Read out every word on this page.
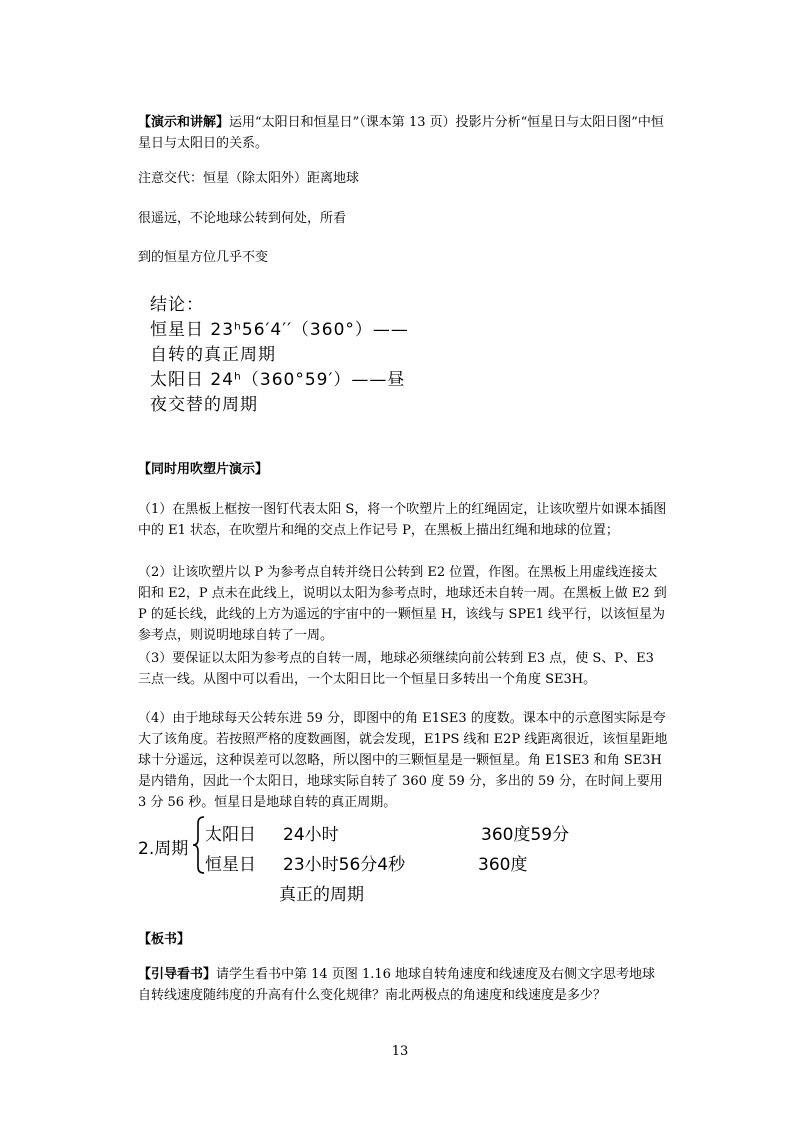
【演示和讲解】运用“太阳日和恒星日”（课本第 13 页）投影片分析“恒星日与太阳日图”中恒星日与太阳日的关系。

注意交代：恒星（除太阳外）距离地球

很遥远，不论地球公转到何处，所看

到的恒星方位几乎不变

结论：
恒星日 23ʰ56′4′′（360°）——
自转的真正周期
太阳日 24ʰ（360°59′）——昼
夜交替的周期

【同时用吹塑片演示】

（1）在黑板上框按一图钉代表太阳 S，将一个吹塑片上的红绳固定，让该吹塑片如课本插图中的 E1 状态，在吹塑片和绳的交点上作记号 P，在黑板上描出红绳和地球的位置；

（2）让该吹塑片以 P 为参考点自转并绕日公转到 E2 位置，作图。在黑板上用虚线连接太阳和 E2，P 点未在此线上，说明以太阳为参考点时，地球还未自转一周。在黑板上做 E2 到 P 的延长线，此线的上方为遥远的宇宙中的一颗恒星 H，该线与 SPE1 线平行，以该恒星为参考点，则说明地球自转了一周。

（3）要保证以太阳为参考点的自转一周，地球必须继续向前公转到 E3 点，使 S、P、E3 三点一线。从图中可以看出，一个太阳日比一个恒星日多转出一个角度 SE3H。

（4）由于地球每天公转东进 59 分，即图中的角 E1SE3 的度数。课本中的示意图实际是夸大了该角度。若按照严格的度数画图，就会发现，E1PS 线和 E2P 线距离很近，该恒星距地球十分遥远，这种误差可以忽略，所以图中的三颗恒星是一颗恒星。角 E1SE3 和角 SE3H 是内错角，因此一个太阳日，地球实际自转了 360 度 59 分，多出的 59 分，在时间上要用 3 分 56 秒。恒星日是地球自转的真正周期。

2.周期
太阳日 24小时	360度59分
恒星日 23小时56分4秒	360度
真正的周期

【板书】

【引导看书】请学生看书中第 14 页图 1.16 地球自转角速度和线速度及右侧文字思考地球自转线速度随纬度的升高有什么变化规律？南北两极点的角速度和线速度是多少？

13
